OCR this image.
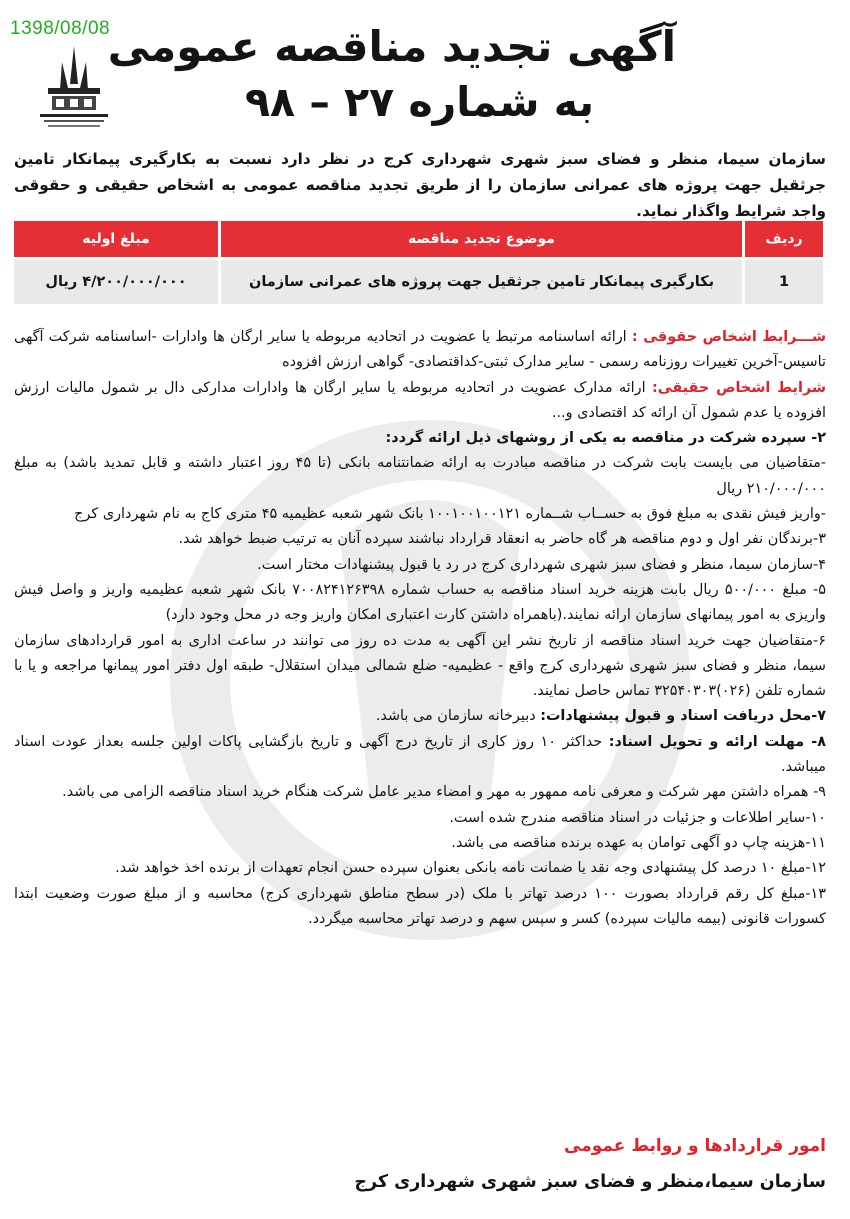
1398/08/08
آگهی تجدید مناقصه عمومی
به شماره ۲۷ – ۹۸
سازمان سیما، منظر و فضای سبز شهری شهرداری کرج در نظر دارد نسبت به بکارگیری پیمانکار تامین جرثقیل جهت پروژه های عمرانی سازمان را از طریق تجدید مناقصه عمومی به اشخاص حقیقی و حقوقی واجد شرایط واگذار نماید.
ردیف	موضوع تجدید مناقصه	مبلغ اولیه
1	بکارگیری پیمانکار تامین جرثقیل جهت پروژه های عمرانی سازمان	۴/۲۰۰/۰۰۰/۰۰۰ ریال

شـــرایط اشخاص حقوقی : ارائه اساسنامه مرتبط یا عضویت در اتحادیه مربوطه یا سایر ارگان ها وادارات -اساسنامه شرکت آگهی تاسیس-آخرین تغییرات روزنامه رسمی - سایر مدارک ثبتی-کداقتصادی- گواهی ارزش افزوده

شرایط اشخاص حقیقی: ارائه مدارک عضویت در اتحادیه مربوطه یا سایر ارگان ها وادارات مدارکی دال بر شمول مالیات ارزش افزوده یا عدم شمول آن ارائه کد اقتصادی و...

۲- سپرده شرکت در مناقصه به یکی از روشهای ذیل ارائه گردد:

-متقاضیان می بایست بابت شرکت در مناقصه مبادرت به ارائه ضمانتنامه بانکی (تا ۴۵ روز اعتبار داشته و قابل تمدید باشد) به مبلغ ۲۱۰/۰۰۰/۰۰۰ ریال

-واریز فیش نقدی به مبلغ فوق به حســاب شــماره ۱۰۰۱۰۰۱۰۰۱۲۱ بانک شهر شعبه عظیمیه ۴۵ متری کاج به نام شهرداری کرج

۳-برندگان نفر اول و دوم مناقصه هر گاه حاضر به انعقاد قرارداد نباشند سپرده آنان به ترتیب ضبط خواهد شد.

۴-سازمان سیما، منظر و فضای سبز شهری شهرداری کرج در رد یا قبول پیشنهادات مختار است.

۵- مبلغ ۵۰۰/۰۰۰ ریال بابت هزینه خرید اسناد مناقصه به حساب شماره ۷۰۰۸۲۴۱۲۶۳۹۸ بانک شهر شعبه عظیمیه واریز و واصل فیش واریزی به امور پیمانهای سازمان ارائه نمایند.(باهمراه داشتن کارت اعتباری امکان واریز وجه در محل وجود دارد)

۶-متقاضیان جهت خرید اسناد مناقصه از تاریخ نشر این آگهی به مدت ده روز می توانند در ساعت اداری به امور قراردادهای سازمان سیما، منظر و فضای سبز شهری شهرداری کرج واقع - عظیمیه- ضلع شمالی میدان استقلال- طبقه اول دفتر امور پیمانها مراجعه و یا با شماره تلفن (۰۲۶)۳۲۵۴۰۳۰۳ تماس حاصل نمایند.

۷-محل دریافت اسناد و قبول پیشنهادات: دبیرخانه سازمان می باشد.

۸- مهلت ارائه و تحویل اسناد: حداکثر ۱۰ روز کاری از تاریخ درج آگهی و تاریخ بازگشایی پاکات اولین جلسه بعداز عودت اسناد میباشد.

۹- همراه داشتن مهر شرکت و معرفی نامه ممهور به مهر و امضاء مدیر عامل شرکت هنگام خرید اسناد مناقصه الزامی می باشد.

۱۰-سایر اطلاعات و جزئیات در اسناد مناقصه مندرج شده است.

۱۱-هزینه چاپ دو آگهی توامان به عهده برنده مناقصه می باشد.

۱۲-مبلغ ۱۰ درصد کل پیشنهادی وجه نقد یا ضمانت نامه بانکی بعنوان سپرده حسن انجام تعهدات از برنده اخذ خواهد شد.

۱۳-مبلغ کل رقم قرارداد بصورت ۱۰۰ درصد تهاتر با ملک (در سطح مناطق شهرداری کرج) محاسبه و از مبلغ صورت وضعیت ابتدا کسورات قانونی (بیمه مالیات سپرده) کسر و سپس سهم و درصد تهاتر محاسبه میگردد.

امور قراردادها و روابط عمومی
سازمان سیما،منظر و فضای سبز شهری شهرداری کرج
